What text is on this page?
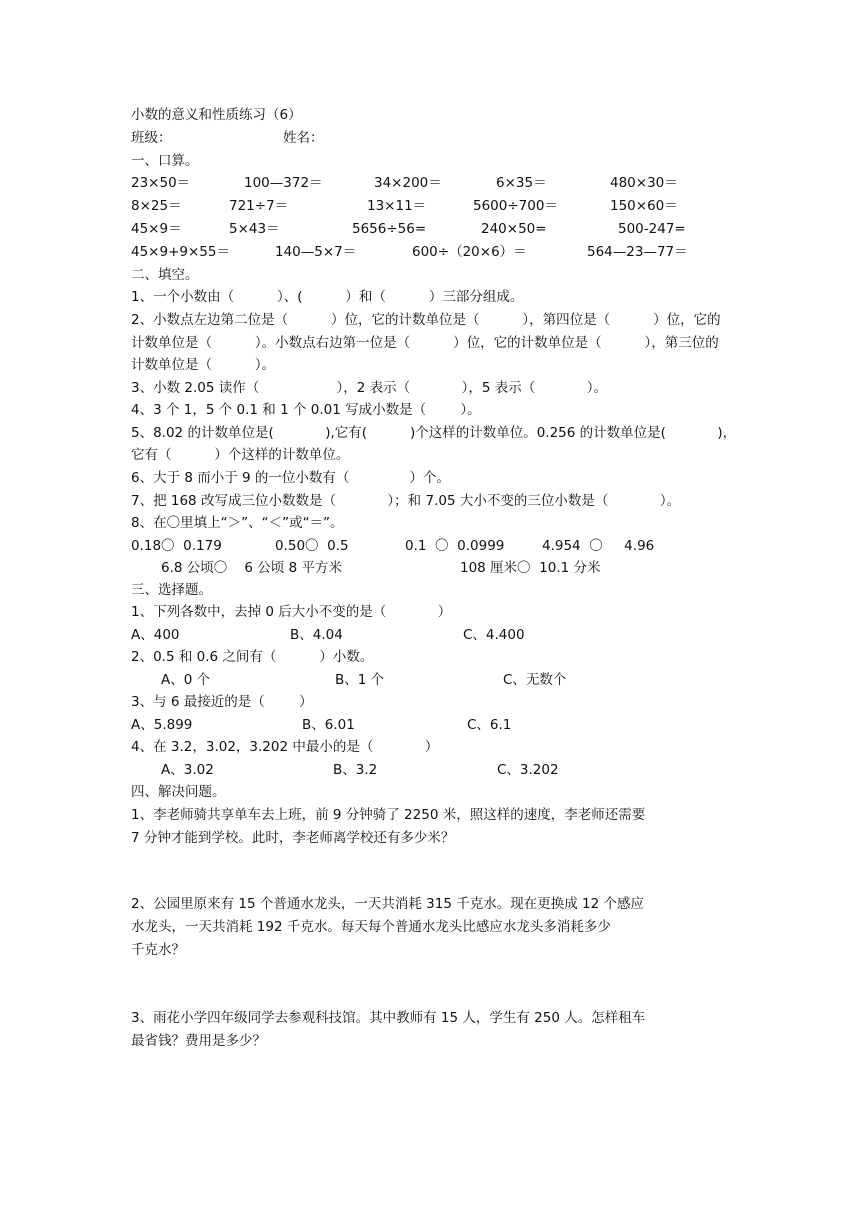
小数的意义和性质练习（6）
班级：	姓名：
一、口算。
23×50＝	100—372＝	34×200＝	6×35＝	480×30＝
8×25＝	721÷7＝	13×11＝	5600÷700＝	150×60＝
45×9＝	5×43＝	5656÷56=	240×50=	500-247=
45×9+9×55＝	140—5×7＝	600÷（20×6）＝	564—23—77＝
二、填空。
1、一个小数由（          ）、(          ）和（          ）三部分组成。
2、小数点左边第二位是（          ）位，它的计数单位是（          ），第四位是（          ）位，它的
计数单位是（          ）。小数点右边第一位是（          ）位，它的计数单位是（          ），第三位的
计数单位是（          ）。
3、小数 2.05 读作（                  ），2 表示（            ），5 表示（            ）。
4、3 个 1，5 个 0.1 和 1 个 0.01 写成小数是（        ）。
5、8.02 的计数单位是(            ),它有(          )个这样的计数单位。0.256 的计数单位是(            )，
它有（          ）个这样的计数单位。
6、大于 8 而小于 9 的一位小数有（              ）个。
7、把 168 改写成三位小数数是（            ）；和 7.05 大小不变的三位小数是（            ）。
8、在〇里填上“＞”、“＜”或“＝”。
0.18〇  0.179	0.50〇  0.5	0.1  〇  0.0999	4.954  〇     4.96
6.8 公顷〇    6 公顷 8 平方米	108 厘米〇  10.1 分米
三、选择题。
1、下列各数中，去掉 0 后大小不变的是（            ）
A、400	B、4.04	C、4.400
2、0.5 和 0.6 之间有（          ）小数。
A、0 个	B、1 个	C、无数个
3、与 6 最接近的是（        ）
A、5.899	B、6.01	C、6.1
4、在 3.2，3.02，3.202 中最小的是（            ）
A、3.02	B、3.2	C、3.202
四、解决问题。
1、李老师骑共享单车去上班，前 9 分钟骑了 2250 米，照这样的速度，李老师还需要
7 分钟才能到学校。此时，李老师离学校还有多少米？
2、公园里原来有 15 个普通水龙头，一天共消耗 315 千克水。现在更换成 12 个感应
水龙头，一天共消耗 192 千克水。每天每个普通水龙头比感应水龙头多消耗多少
千克水？
3、雨花小学四年级同学去参观科技馆。其中教师有 15 人，学生有 250 人。怎样租车
最省钱？费用是多少？
